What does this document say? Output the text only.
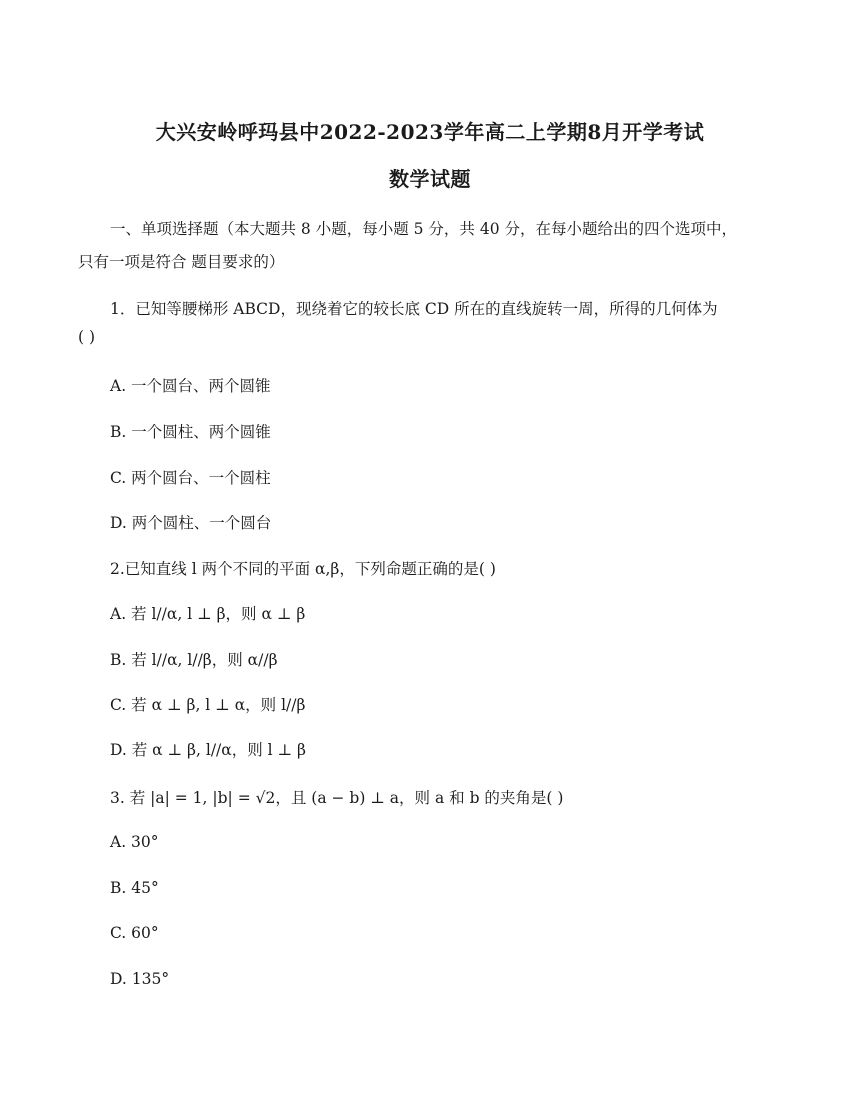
大兴安岭呼玛县中2022-2023学年高二上学期8月开学考试
数学试题
一、单项选择题（本大题共 8 小题，每小题 5 分，共 40 分，在每小题给出的四个选项中，
只有一项是符合 题目要求的）
1．已知等腰梯形 ABCD，现绕着它的较长底 CD 所在的直线旋转一周，所得的几何体为
( )
A. 一个圆台、两个圆锥
B. 一个圆柱、两个圆锥
C. 两个圆台、一个圆柱
D. 两个圆柱、一个圆台
2.已知直线 l 两个不同的平面 α,β，下列命题正确的是( )
A. 若 l//α, l ⊥ β，则 α ⊥ β
B. 若 l//α, l//β，则 α//β
C. 若 α ⊥ β, l ⊥ α，则 l//β
D. 若 α ⊥ β, l//α，则 l ⊥ β
3. 若 |a| = 1, |b| = √2，且 (a − b) ⊥ a，则 a 和 b 的夹角是( )
A. 30°
B. 45°
C. 60°
D. 135°
